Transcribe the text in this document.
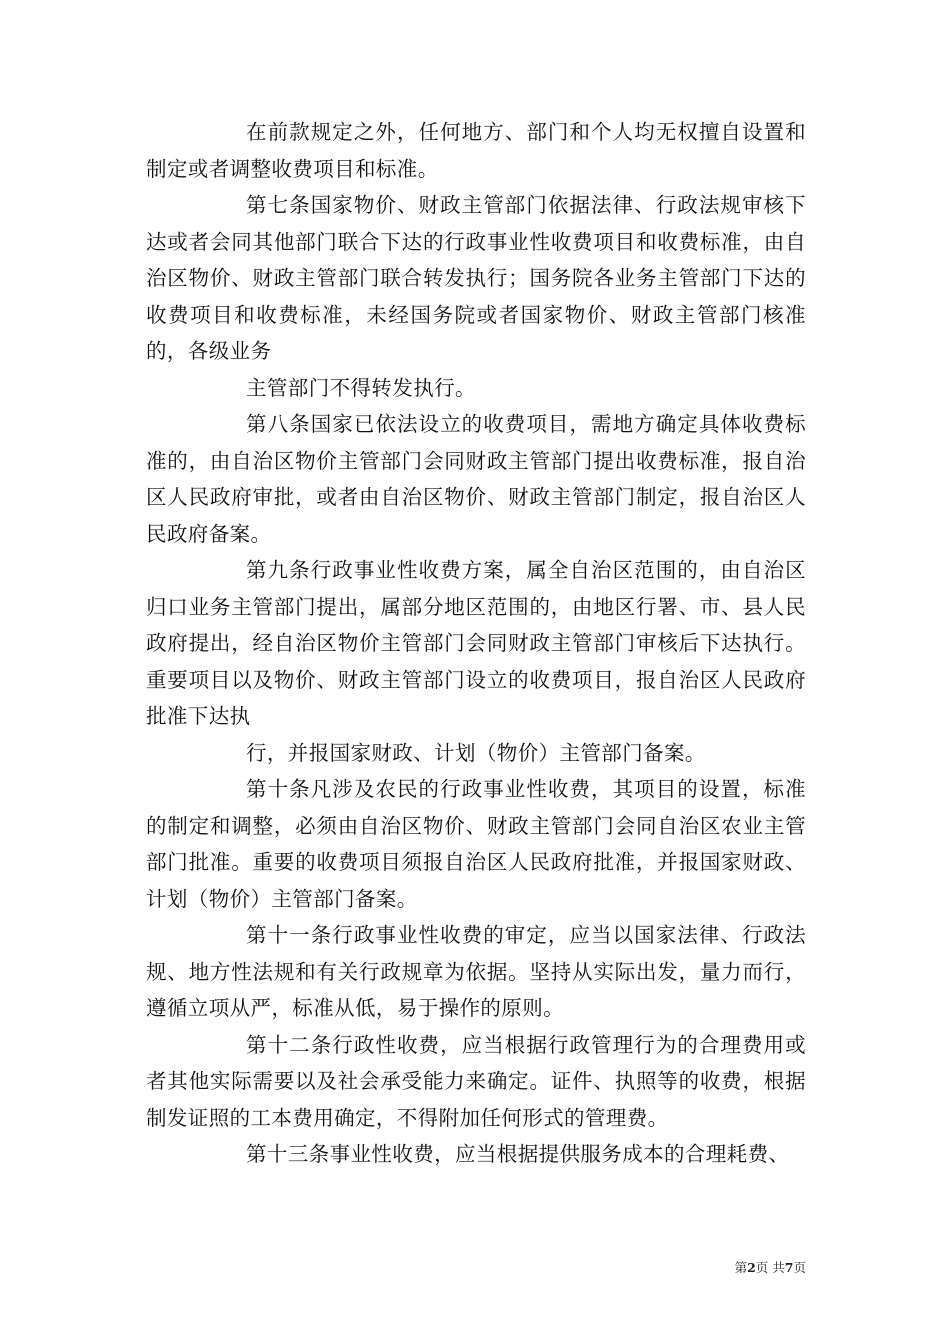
在前款规定之外，任何地方、部门和个人均无权擅自设置和制定或者调整收费项目和标准。

第七条国家物价、财政主管部门依据法律、行政法规审核下达或者会同其他部门联合下达的行政事业性收费项目和收费标准，由自治区物价、财政主管部门联合转发执行；国务院各业务主管部门下达的收费项目和收费标准，未经国务院或者国家物价、财政主管部门核准的，各级业务

主管部门不得转发执行。

第八条国家已依法设立的收费项目，需地方确定具体收费标准的，由自治区物价主管部门会同财政主管部门提出收费标准，报自治区人民政府审批，或者由自治区物价、财政主管部门制定，报自治区人民政府备案。

第九条行政事业性收费方案，属全自治区范围的，由自治区归口业务主管部门提出，属部分地区范围的，由地区行署、市、县人民政府提出，经自治区物价主管部门会同财政主管部门审核后下达执行。重要项目以及物价、财政主管部门设立的收费项目，报自治区人民政府批准下达执

行，并报国家财政、计划（物价）主管部门备案。

第十条凡涉及农民的行政事业性收费，其项目的设置，标准的制定和调整，必须由自治区物价、财政主管部门会同自治区农业主管部门批准。重要的收费项目须报自治区人民政府批准，并报国家财政、计划（物价）主管部门备案。

第十一条行政事业性收费的审定，应当以国家法律、行政法规、地方性法规和有关行政规章为依据。坚持从实际出发，量力而行，遵循立项从严，标准从低，易于操作的原则。

第十二条行政性收费，应当根据行政管理行为的合理费用或者其他实际需要以及社会承受能力来确定。证件、执照等的收费，根据制发证照的工本费用确定，不得附加任何形式的管理费。

第十三条事业性收费，应当根据提供服务成本的合理耗费、

第2页 共7页
